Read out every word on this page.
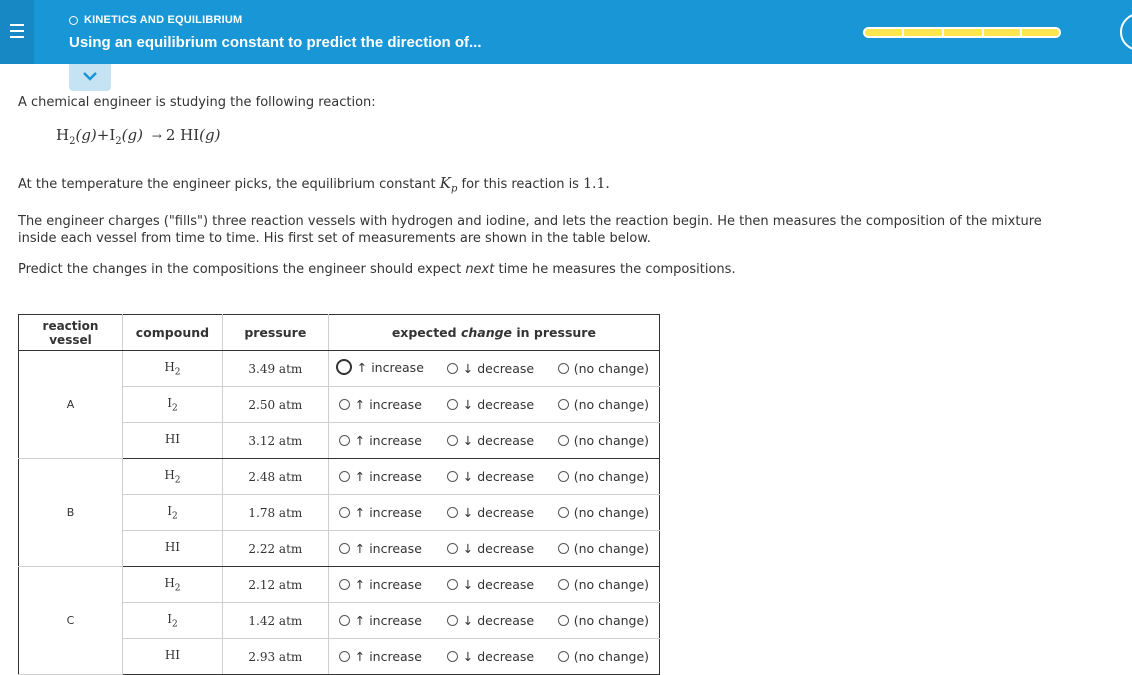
KINETICS AND EQUILIBRIUM
Using an equilibrium constant to predict the direction of...
A chemical engineer is studying the following reaction:
$H_2(g)+I_2(g) \to 2$ HI(g)
At the temperature the engineer picks, the equilibrium constant $K_p$ for this reaction is 1.1.
The engineer charges ("fills") three reaction vessels with hydrogen and iodine, and lets the reaction begin. He then measures the composition of the mixture
inside each vessel from time to time. His first set of measurements are shown in the table below.
Predict the changes in the compositions the engineer should expect next time he measures the compositions.
reaction vessel	compound	pressure	expected change in pressure
A	$H_2$	3.49 atm	↑ increase ↓ decrease (no change)

	$I_2$	2.50 atm	↑ increase ↓ decrease (no change)

	HI	3.12 atm	↑ increase ↓ decrease (no change)

B	$H_2$	2.48 atm	↑ increase ↓ decrease (no change)

	$I_2$	1.78 atm	↑ increase ↓ decrease (no change)

	HI	2.22 atm	↑ increase ↓ decrease (no change)

C	$H_2$	2.12 atm	↑ increase ↓ decrease (no change)

	$I_2$	1.42 atm	↑ increase ↓ decrease (no change)

	HI	2.93 atm	↑ increase ↓ decrease (no change)
